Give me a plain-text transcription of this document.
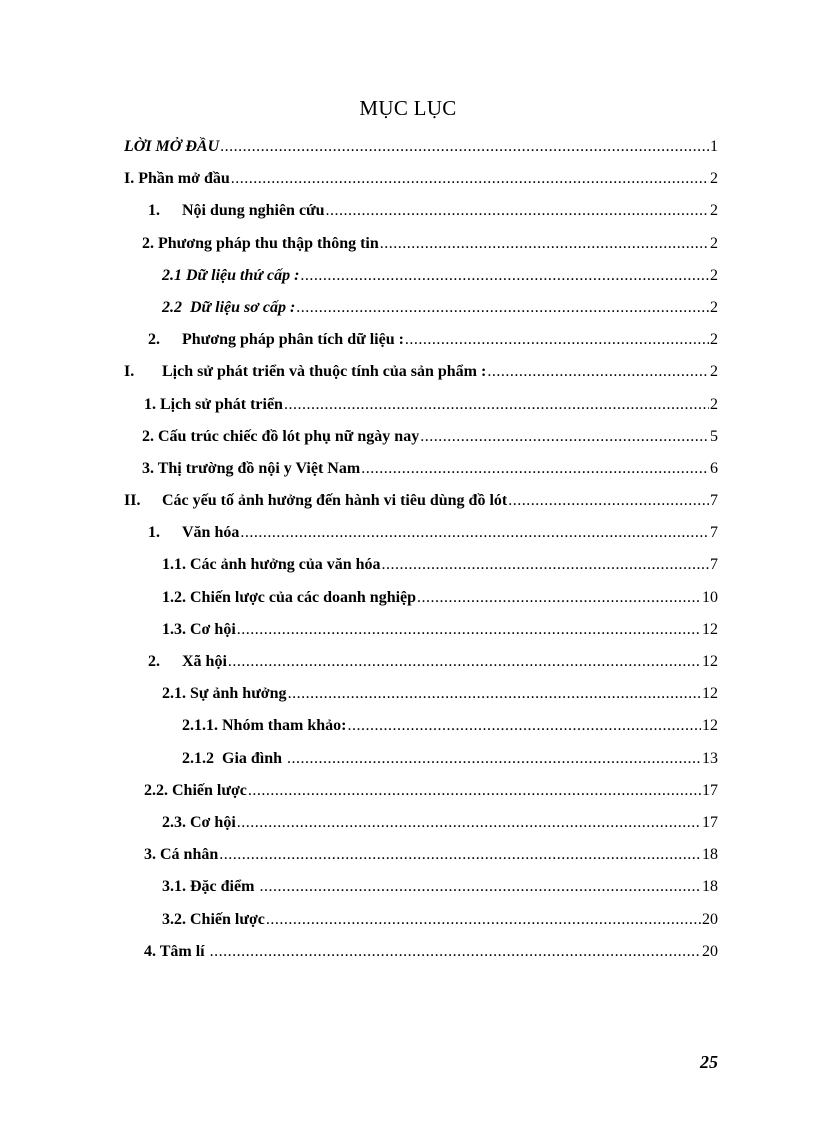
MỤC LỤC
LỜI MỞ ĐẦU .....	1
I. Phần mở đầu .....	2
1. Nội dung nghiên cứu .....	2
2. Phương pháp thu thập thông tin .....	2
2.1 Dữ liệu thứ cấp : .....	2
2.2  Dữ liệu sơ cấp : .....	2
2. Phương pháp phân tích dữ liệu : .....	2
I. Lịch sử phát triển và thuộc tính của sản phẩm : .....	2
1. Lịch sử phát triển .....	2
2. Cấu trúc chiếc đồ lót phụ nữ ngày nay .....	5
3. Thị trường đồ nội y Việt Nam .....	6
II. Các yếu tố ảnh hưởng đến hành vi tiêu dùng đồ lót .....	7
1. Văn hóa .....	7
1.1. Các ảnh hưởng của văn hóa .....	7
1.2. Chiến lược của các doanh nghiệp .....	10
1.3. Cơ hội .....	12
2. Xã hội .....	12
2.1. Sự ảnh hưởng .....	12
2.1.1. Nhóm tham khảo: .....	12
2.1.2  Gia đình .....	13
2.2. Chiến lược .....	17
2.3. Cơ hội .....	17
3. Cá nhân .....	18
3.1. Đặc điểm .....	18
3.2. Chiến lược .....	20
4. Tâm lí .....	20
25
